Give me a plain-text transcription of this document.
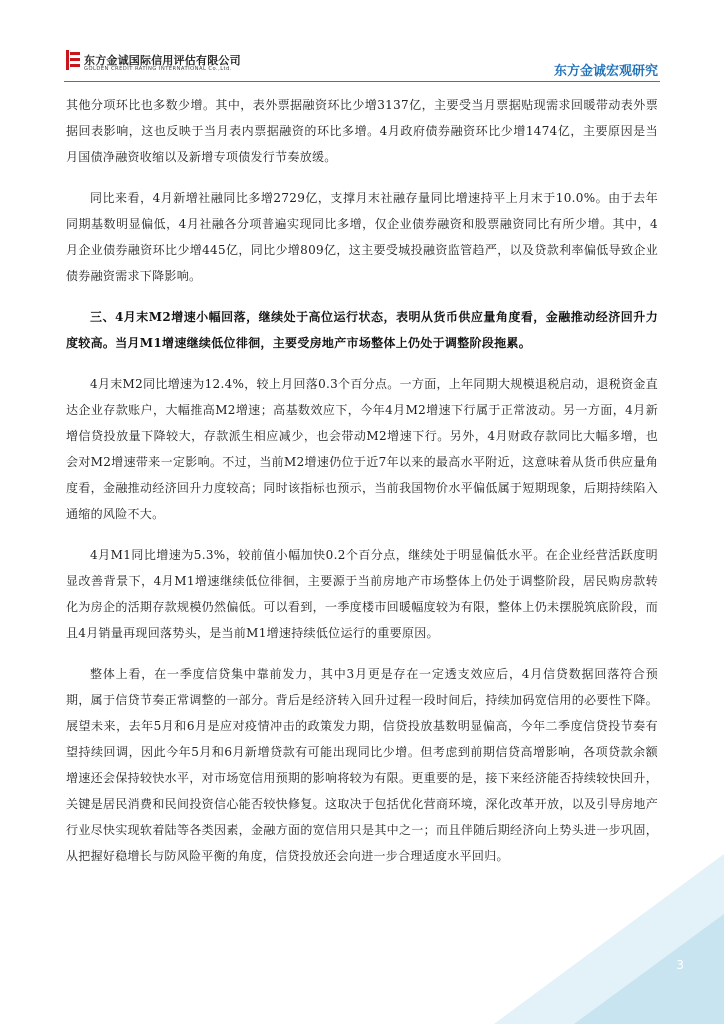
东方金诚国际信用评估有限公司
GOLDEN CREDIT RATING INTERNATIONAL Co.,Ltd.	东方金诚宏观研究

其他分项环比也多数少增。其中，表外票据融资环比少增3137亿，主要受当月票据贴现需求回暖带动表外票据回表影响，这也反映于当月表内票据融资的环比多增。4月政府债券融资环比少增1474亿，主要原因是当月国债净融资收缩以及新增专项债发行节奏放缓。

同比来看，4月新增社融同比多增2729亿，支撑月末社融存量同比增速持平上月末于10.0%。由于去年同期基数明显偏低，4月社融各分项普遍实现同比多增，仅企业债券融资和股票融资同比有所少增。其中，4月企业债券融资环比少增445亿，同比少增809亿，这主要受城投融资监管趋严，以及贷款利率偏低导致企业债券融资需求下降影响。

三、4月末M2增速小幅回落，继续处于高位运行状态，表明从货币供应量角度看，金融推动经济回升力度较高。当月M1增速继续低位徘徊，主要受房地产市场整体上仍处于调整阶段拖累。

4月末M2同比增速为12.4%，较上月回落0.3个百分点。一方面，上年同期大规模退税启动，退税资金直达企业存款账户，大幅推高M2增速；高基数效应下，今年4月M2增速下行属于正常波动。另一方面，4月新增信贷投放量下降较大，存款派生相应减少，也会带动M2增速下行。另外，4月财政存款同比大幅多增，也会对M2增速带来一定影响。不过，当前M2增速仍位于近7年以来的最高水平附近，这意味着从货币供应量角度看，金融推动经济回升力度较高；同时该指标也预示，当前我国物价水平偏低属于短期现象，后期持续陷入通缩的风险不大。

4月M1同比增速为5.3%，较前值小幅加快0.2个百分点，继续处于明显偏低水平。在企业经营活跃度明显改善背景下，4月M1增速继续低位徘徊，主要源于当前房地产市场整体上仍处于调整阶段，居民购房款转化为房企的活期存款规模仍然偏低。可以看到，一季度楼市回暖幅度较为有限，整体上仍未摆脱筑底阶段，而且4月销量再现回落势头，是当前M1增速持续低位运行的重要原因。

整体上看，在一季度信贷集中靠前发力，其中3月更是存在一定透支效应后，4月信贷数据回落符合预期，属于信贷节奏正常调整的一部分。背后是经济转入回升过程一段时间后，持续加码宽信用的必要性下降。展望未来，去年5月和6月是应对疫情冲击的政策发力期，信贷投放基数明显偏高，今年二季度信贷投节奏有望持续回调，因此今年5月和6月新增贷款有可能出现同比少增。但考虑到前期信贷高增影响，各项贷款余额增速还会保持较快水平，对市场宽信用预期的影响将较为有限。更重要的是，接下来经济能否持续较快回升，关键是居民消费和民间投资信心能否较快修复。这取决于包括优化营商环境，深化改革开放，以及引导房地产行业尽快实现软着陆等各类因素，金融方面的宽信用只是其中之一；而且伴随后期经济向上势头进一步巩固，从把握好稳增长与防风险平衡的角度，信贷投放还会向进一步合理适度水平回归。

3
